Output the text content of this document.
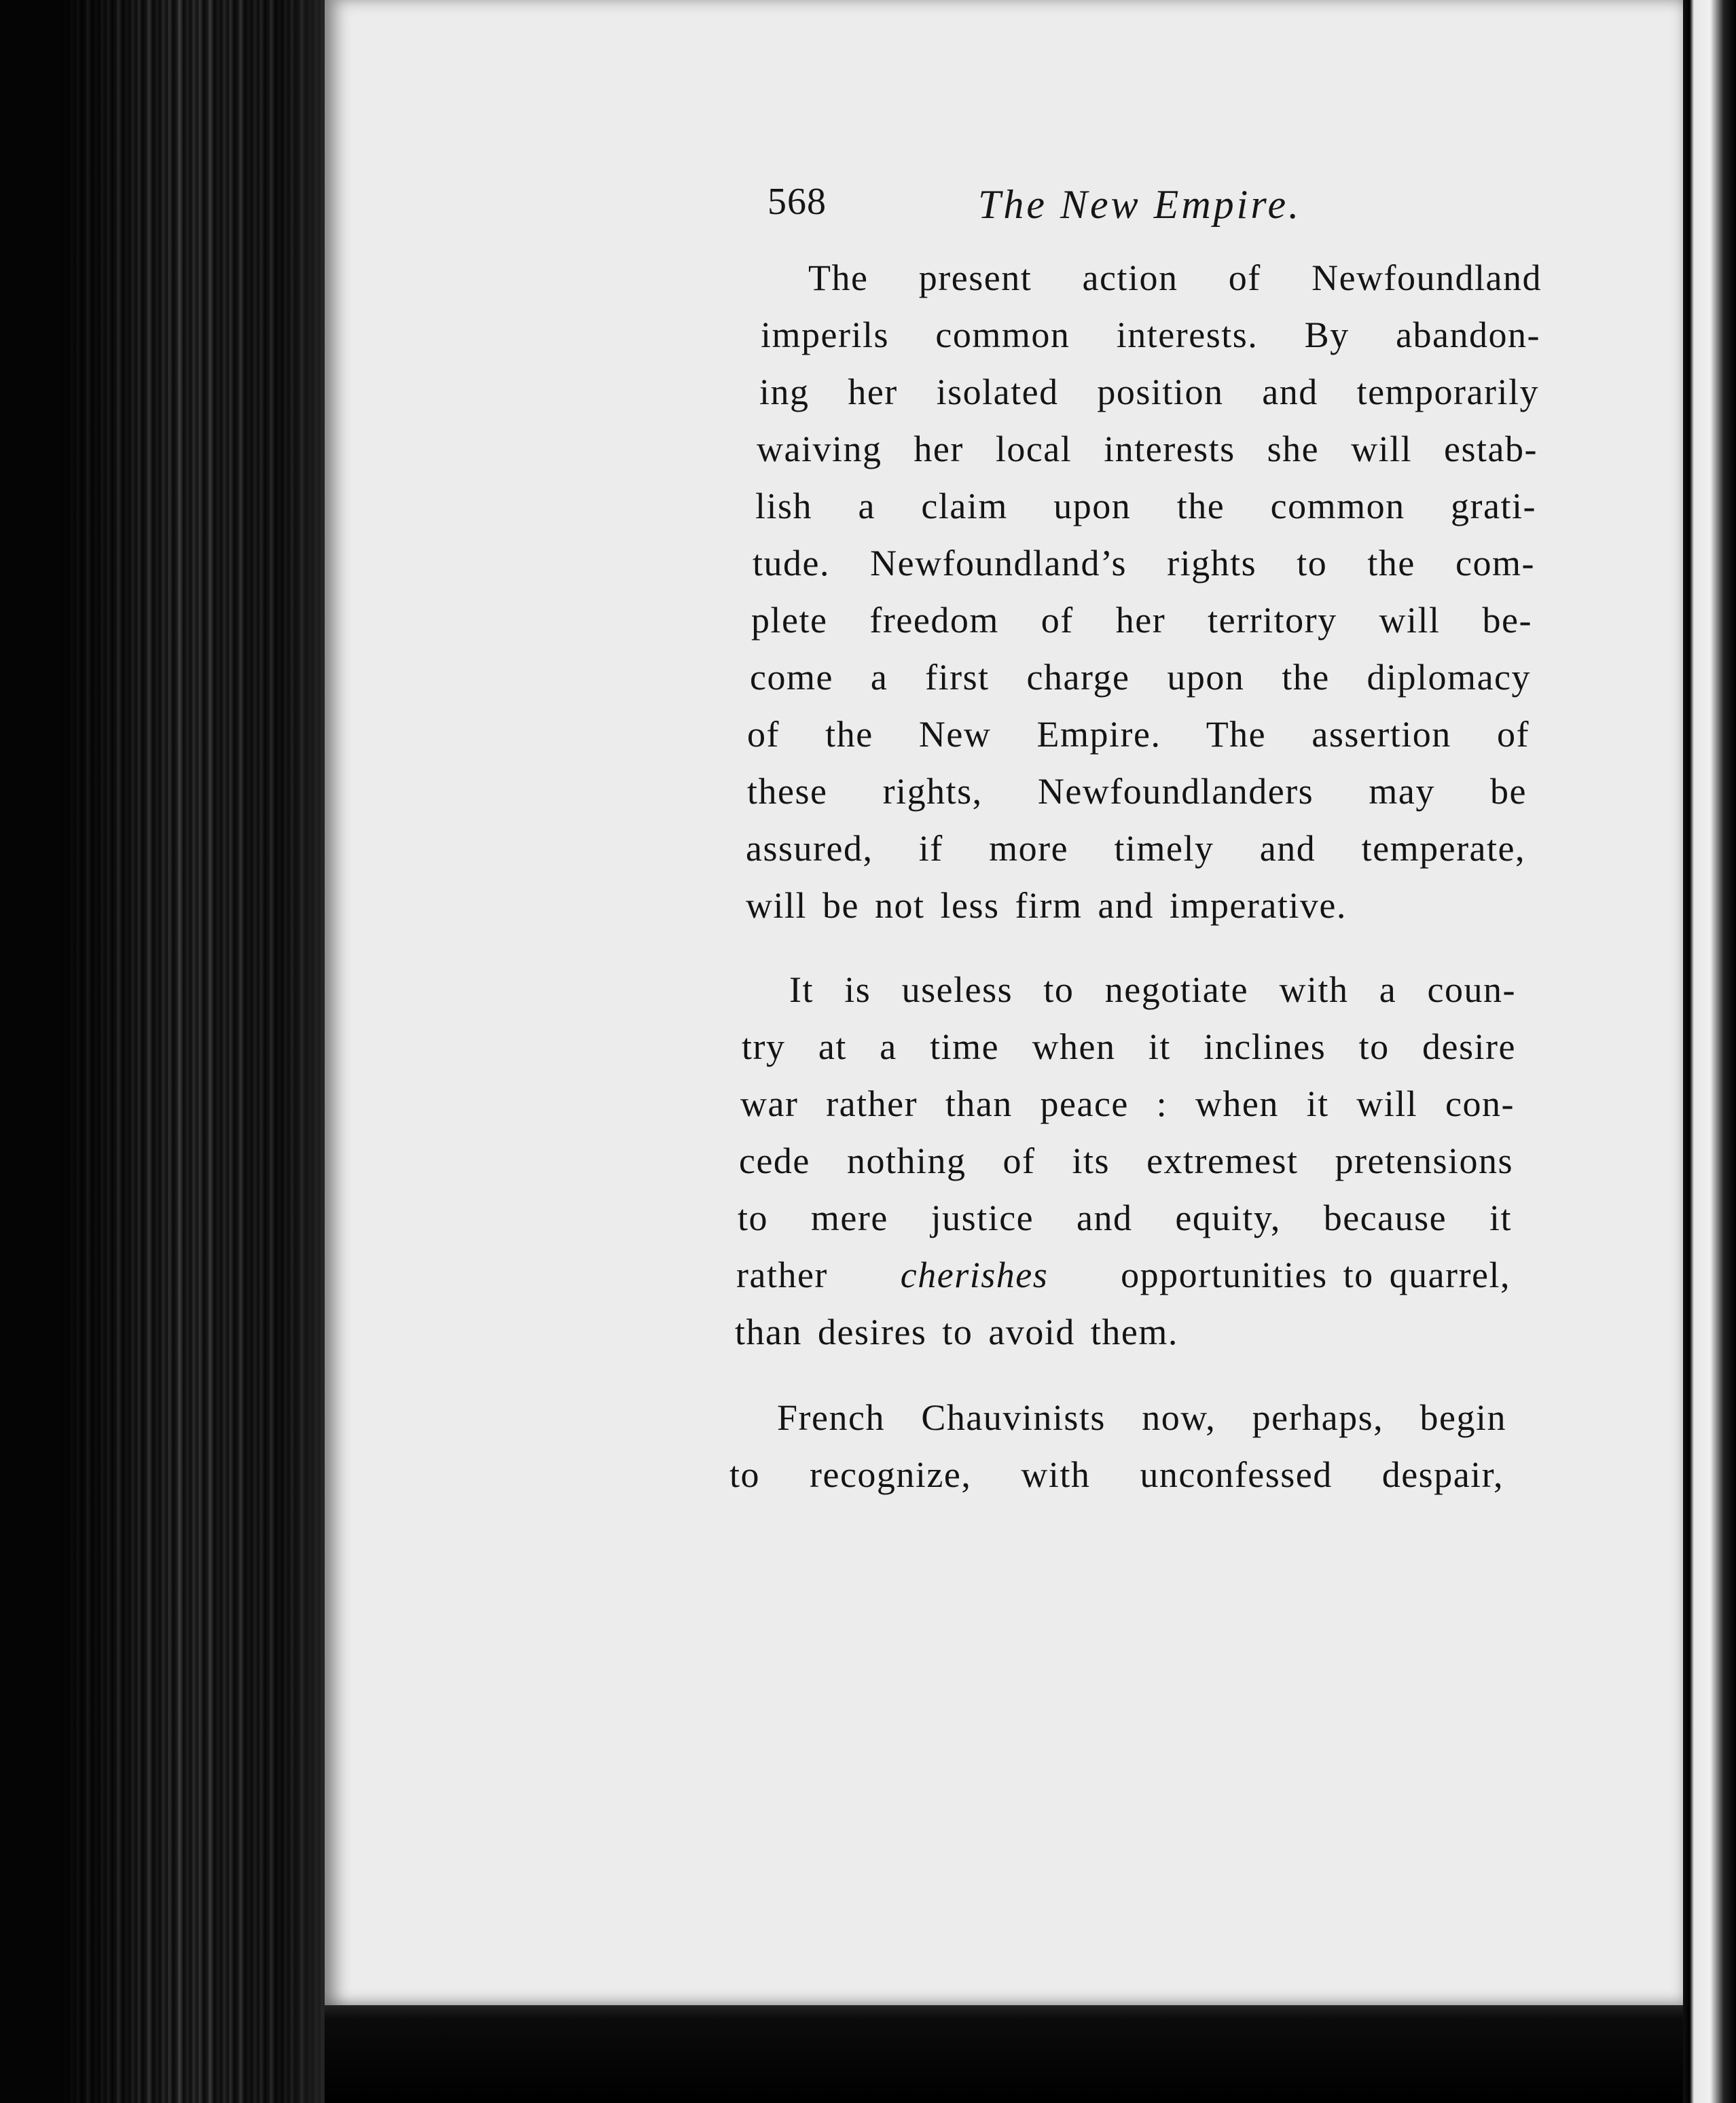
568	The New Empire.
The present action of Newfoundland
imperils common interests. By abandon-
ing her isolated position and temporarily
waiving her local interests she will estab-
lish a claim upon the common grati-
tude. Newfoundland’s rights to the com-
plete freedom of her territory will be-
come a first charge upon the diplomacy
of the New Empire. The assertion of
these rights, Newfoundlanders may be
assured, if more timely and temperate,
will be not less firm and imperative.
It is useless to negotiate with a coun-
try at a time when it inclines to desire
war rather than peace : when it will con-
cede nothing of its extremest pretensions
to mere justice and equity, because it
rather cherishes opportunities to quarrel,
than desires to avoid them.
French Chauvinists now, perhaps, begin
to recognize, with unconfessed despair,
